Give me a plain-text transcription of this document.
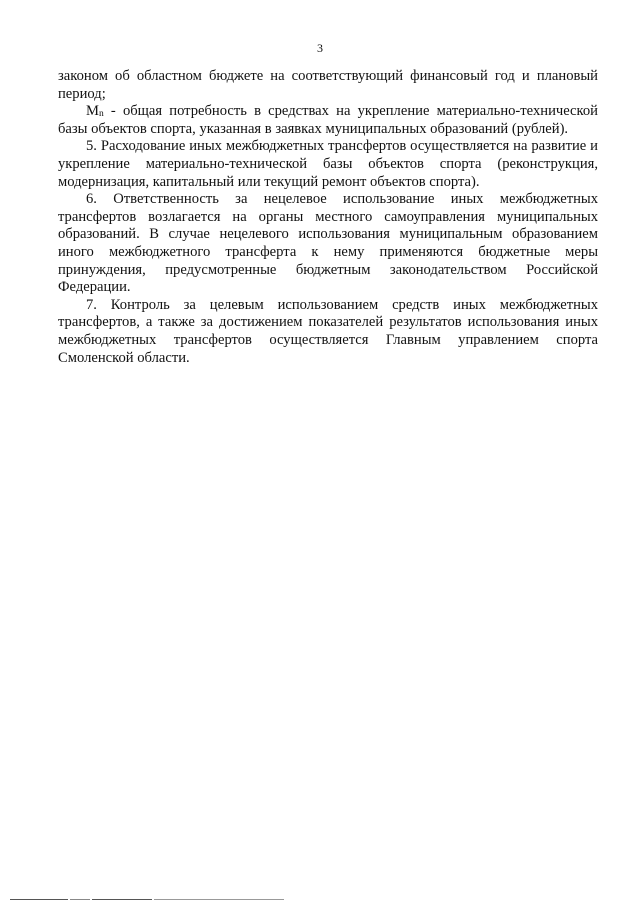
3

законом об областном бюджете на соответствующий финансовый год и плановый период;

$М_n$ - общая потребность в средствах на укрепление материально-технической базы объектов спорта, указанная в заявках муниципальных образований (рублей).

5. Расходование иных межбюджетных трансфертов осуществляется на развитие и укрепление материально-технической базы объектов спорта (реконструкция, модернизация, капитальный или текущий ремонт объектов спорта).

6. Ответственность за нецелевое использование иных межбюджетных трансфертов возлагается на органы местного самоуправления муниципальных образований. В случае нецелевого использования муниципальным образованием иного межбюджетного трансферта к нему применяются бюджетные меры принуждения, предусмотренные бюджетным законодательством Российской Федерации.

7. Контроль за целевым использованием средств иных межбюджетных трансфертов, а также за достижением показателей результатов использования иных межбюджетных трансфертов осуществляется Главным управлением спорта Смоленской области.
